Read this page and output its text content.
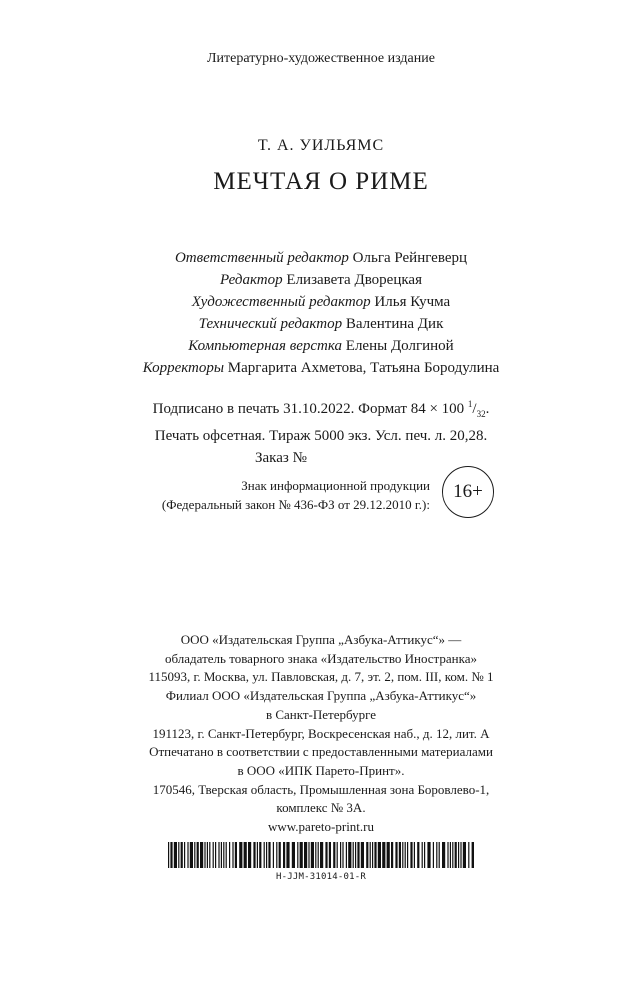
Литературно-художественное издание
Т. А. УИЛЬЯМС
МЕЧТАЯ О РИМЕ
Ответственный редактор Ольга Рейнгеверц
Редактор Елизавета Дворецкая
Художественный редактор Илья Кучма
Технический редактор Валентина Дик
Компьютерная верстка Елены Долгиной
Корректоры Маргарита Ахметова, Татьяна Бородулина
Подписано в печать 31.10.2022. Формат 84 × 100 $^1/_{32}$.
Печать офсетная. Тираж 5000 экз. Усл. печ. л. 20,28.
Заказ №
Знак информационной продукции
(Федеральный закон № 436-ФЗ от 29.12.2010 г.):
16+
ООО «Издательская Группа „Азбука-Аттикус“» —
обладатель товарного знака «Издательство Иностранка»
115093, г. Москва, ул. Павловская, д. 7, эт. 2, пом. III, ком. № 1
Филиал ООО «Издательская Группа „Азбука-Аттикус“»
в Санкт-Петербурге
191123, г. Санкт-Петербург, Воскресенская наб., д. 12, лит. А
Отпечатано в соответствии с предоставленными материалами
в ООО «ИПК Парето-Принт».
170546, Тверская область, Промышленная зона Боровлево-1,
комплекс № 3А.
www.pareto-print.ru
H-JJM-31014-01-R
